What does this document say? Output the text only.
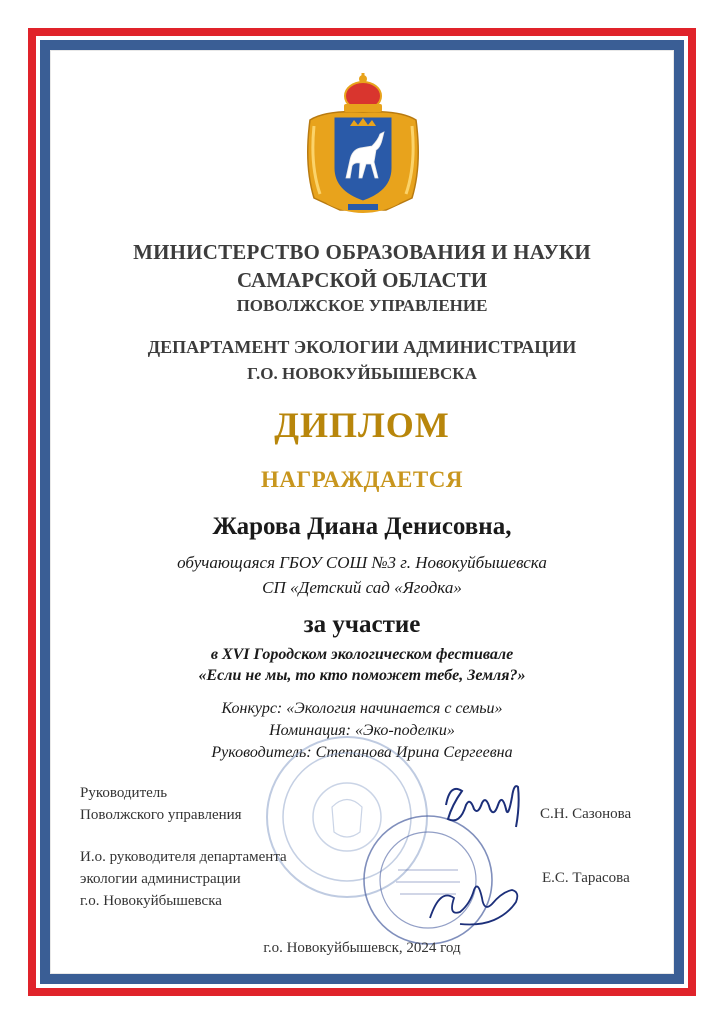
МИНИСТЕРСТВО ОБРАЗОВАНИЯ И НАУКИ

САМАРСКОЙ ОБЛАСТИ

ПОВОЛЖСКОЕ УПРАВЛЕНИЕ

ДЕПАРТАМЕНТ ЭКОЛОГИИ АДМИНИСТРАЦИИ

Г.О. НОВОКУЙБЫШЕВСКА

ДИПЛОМ

НАГРАЖДАЕТСЯ

Жарова Диана Денисовна,

обучающаяся ГБОУ СОШ №3 г. Новокуйбышевска

СП «Детский сад «Ягодка»

за участие

в XVI Городском экологическом фестивале

«Если не мы, то кто поможет тебе, Земля?»

Конкурс: «Экология начинается с семьи»

Номинация: «Эко-поделки»

Руководитель: Степанова Ирина Сергеевна

Руководитель
Поволжского управления	С.Н. Сазонова
И.о. руководителя департамента
экологии администрации
г.о. Новокуйбышевска
Е.С. Тарасова

г.о. Новокуйбышевск, 2024 год
